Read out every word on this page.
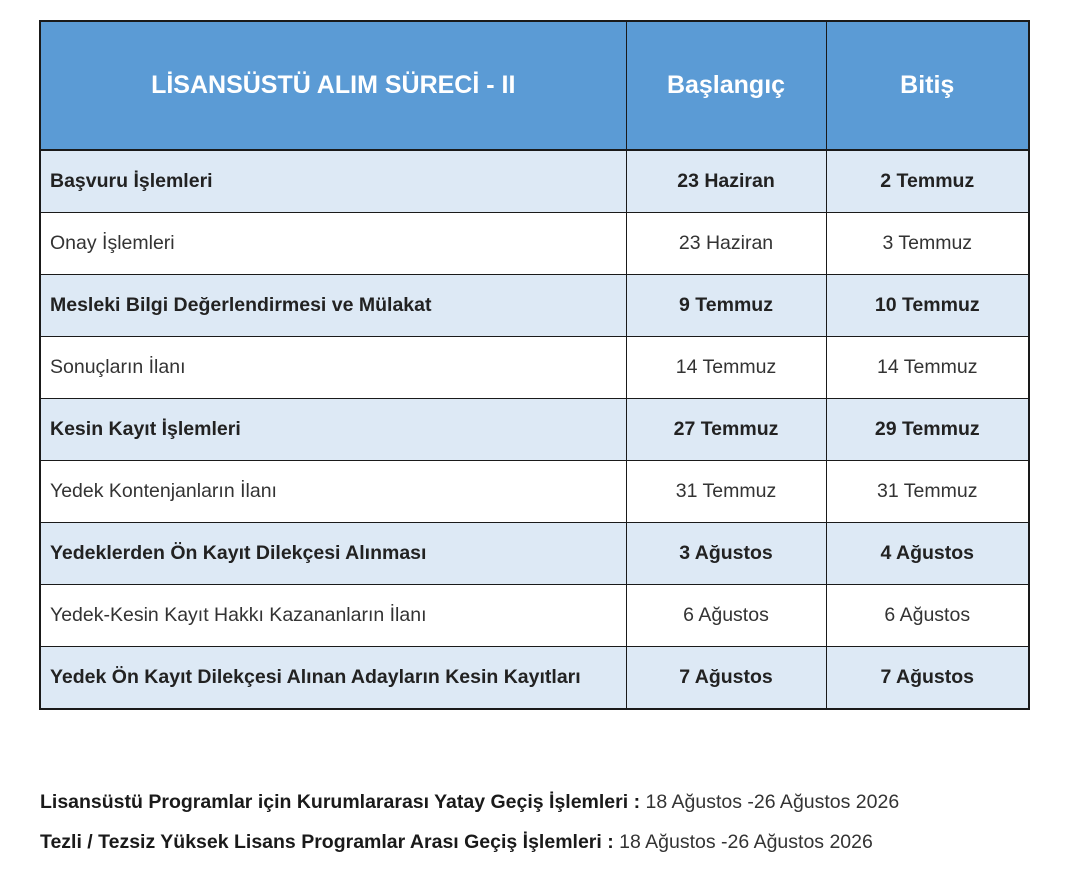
LİSANSÜSTÜ ALIM SÜRECİ - II	Başlangıç	Bitiş
Başvuru İşlemleri	23 Haziran	2 Temmuz
Onay İşlemleri	23 Haziran	3 Temmuz
Mesleki Bilgi Değerlendirmesi ve Mülakat	9 Temmuz	10 Temmuz
Sonuçların İlanı	14 Temmuz	14 Temmuz
Kesin Kayıt İşlemleri	27 Temmuz	29 Temmuz
Yedek Kontenjanların İlanı	31 Temmuz	31 Temmuz
Yedeklerden Ön Kayıt Dilekçesi Alınması	3 Ağustos	4 Ağustos
Yedek-Kesin Kayıt Hakkı Kazananların İlanı	6 Ağustos	6 Ağustos
Yedek Ön Kayıt Dilekçesi Alınan Adayların Kesin Kayıtları	7 Ağustos	7 Ağustos
Lisansüstü Programlar için Kurumlararası Yatay Geçiş İşlemleri : 18 Ağustos -26 Ağustos 2026
Tezli / Tezsiz Yüksek Lisans Programlar Arası Geçiş İşlemleri : 18 Ağustos -26 Ağustos 2026
